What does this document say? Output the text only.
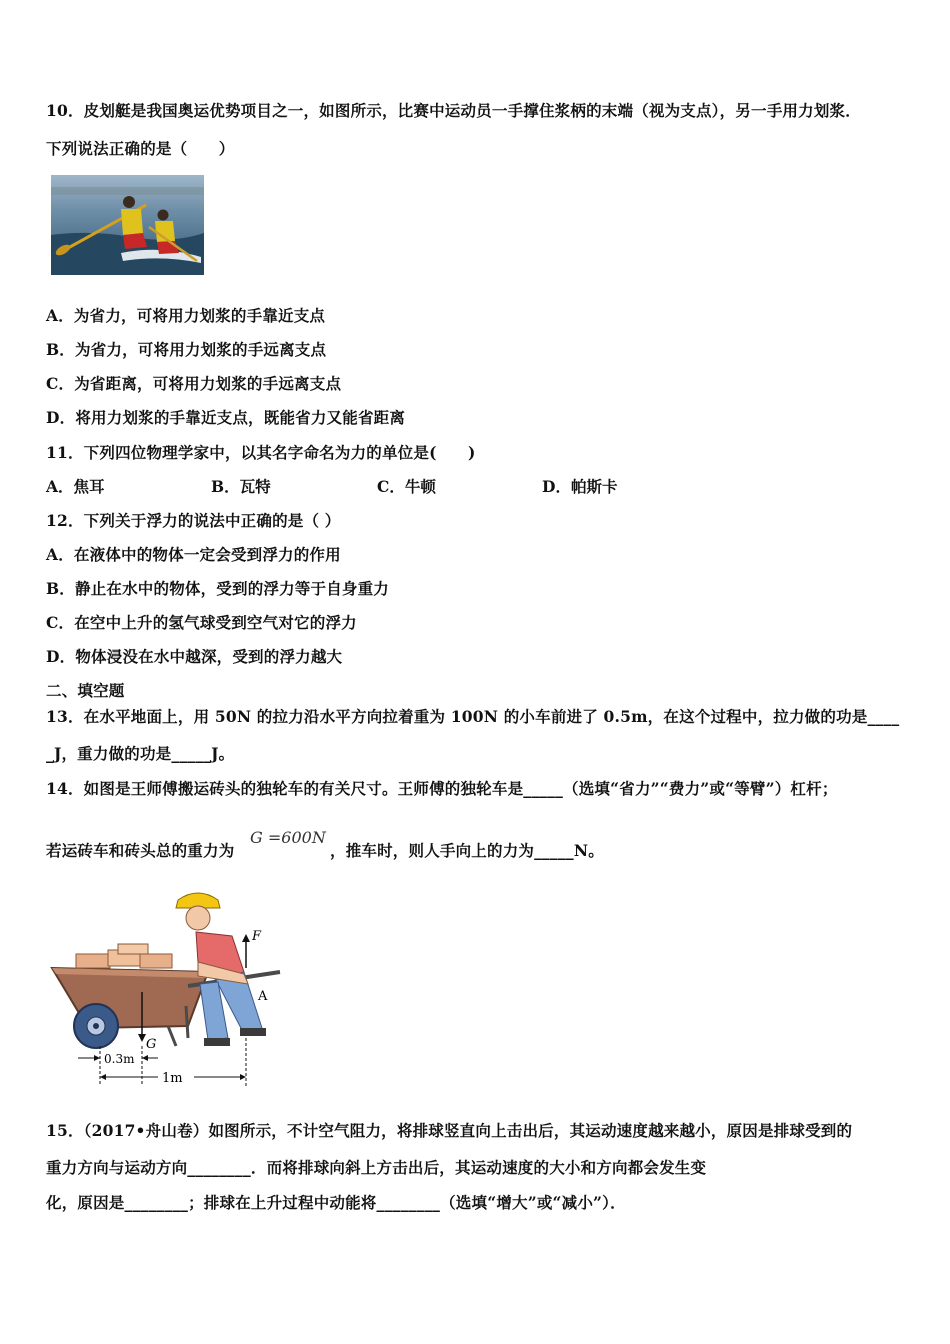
10．皮划艇是我国奥运优势项目之一，如图所示，比赛中运动员一手撑住浆柄的末端（视为支点），另一手用力划浆．
下列说法正确的是（　　）
A．为省力，可将用力划浆的手靠近支点
B．为省力，可将用力划浆的手远离支点
C．为省距离，可将用力划浆的手远离支点
D．将用力划浆的手靠近支点，既能省力又能省距离
11．下列四位物理学家中，以其名字命名为力的单位是(　　)
A．焦耳	B．瓦特	C．牛顿	D．帕斯卡
12．下列关于浮力的说法中正确的是（ ）
A．在液体中的物体一定会受到浮力的作用
B．静止在水中的物体，受到的浮力等于自身重力
C．在空中上升的氢气球受到空气对它的浮力
D．物体浸没在水中越深，受到的浮力越大
二、填空题
13．在水平地面上，用 50N 的拉力沿水平方向拉着重为 100N 的小车前进了 0.5m，在这个过程中，拉力做的功是____
_J，重力做的功是_____J。
14．如图是王师傅搬运砖头的独轮车的有关尺寸。王师傅的独轮车是_____（选填“省力”“费力”或“等臂”）杠杆；
若运砖车和砖头总的重力为
G =600N
，推车时，则人手向上的力为_____N。
F
A
G
0.3m
1m
15．（2017•舟山卷）如图所示，不计空气阻力，将排球竖直向上击出后，其运动速度越来越小，原因是排球受到的
重力方向与运动方向________．而将排球向斜上方击出后，其运动速度的大小和方向都会发生变
化，原因是________；排球在上升过程中动能将________（选填“增大”或“减小”）．
